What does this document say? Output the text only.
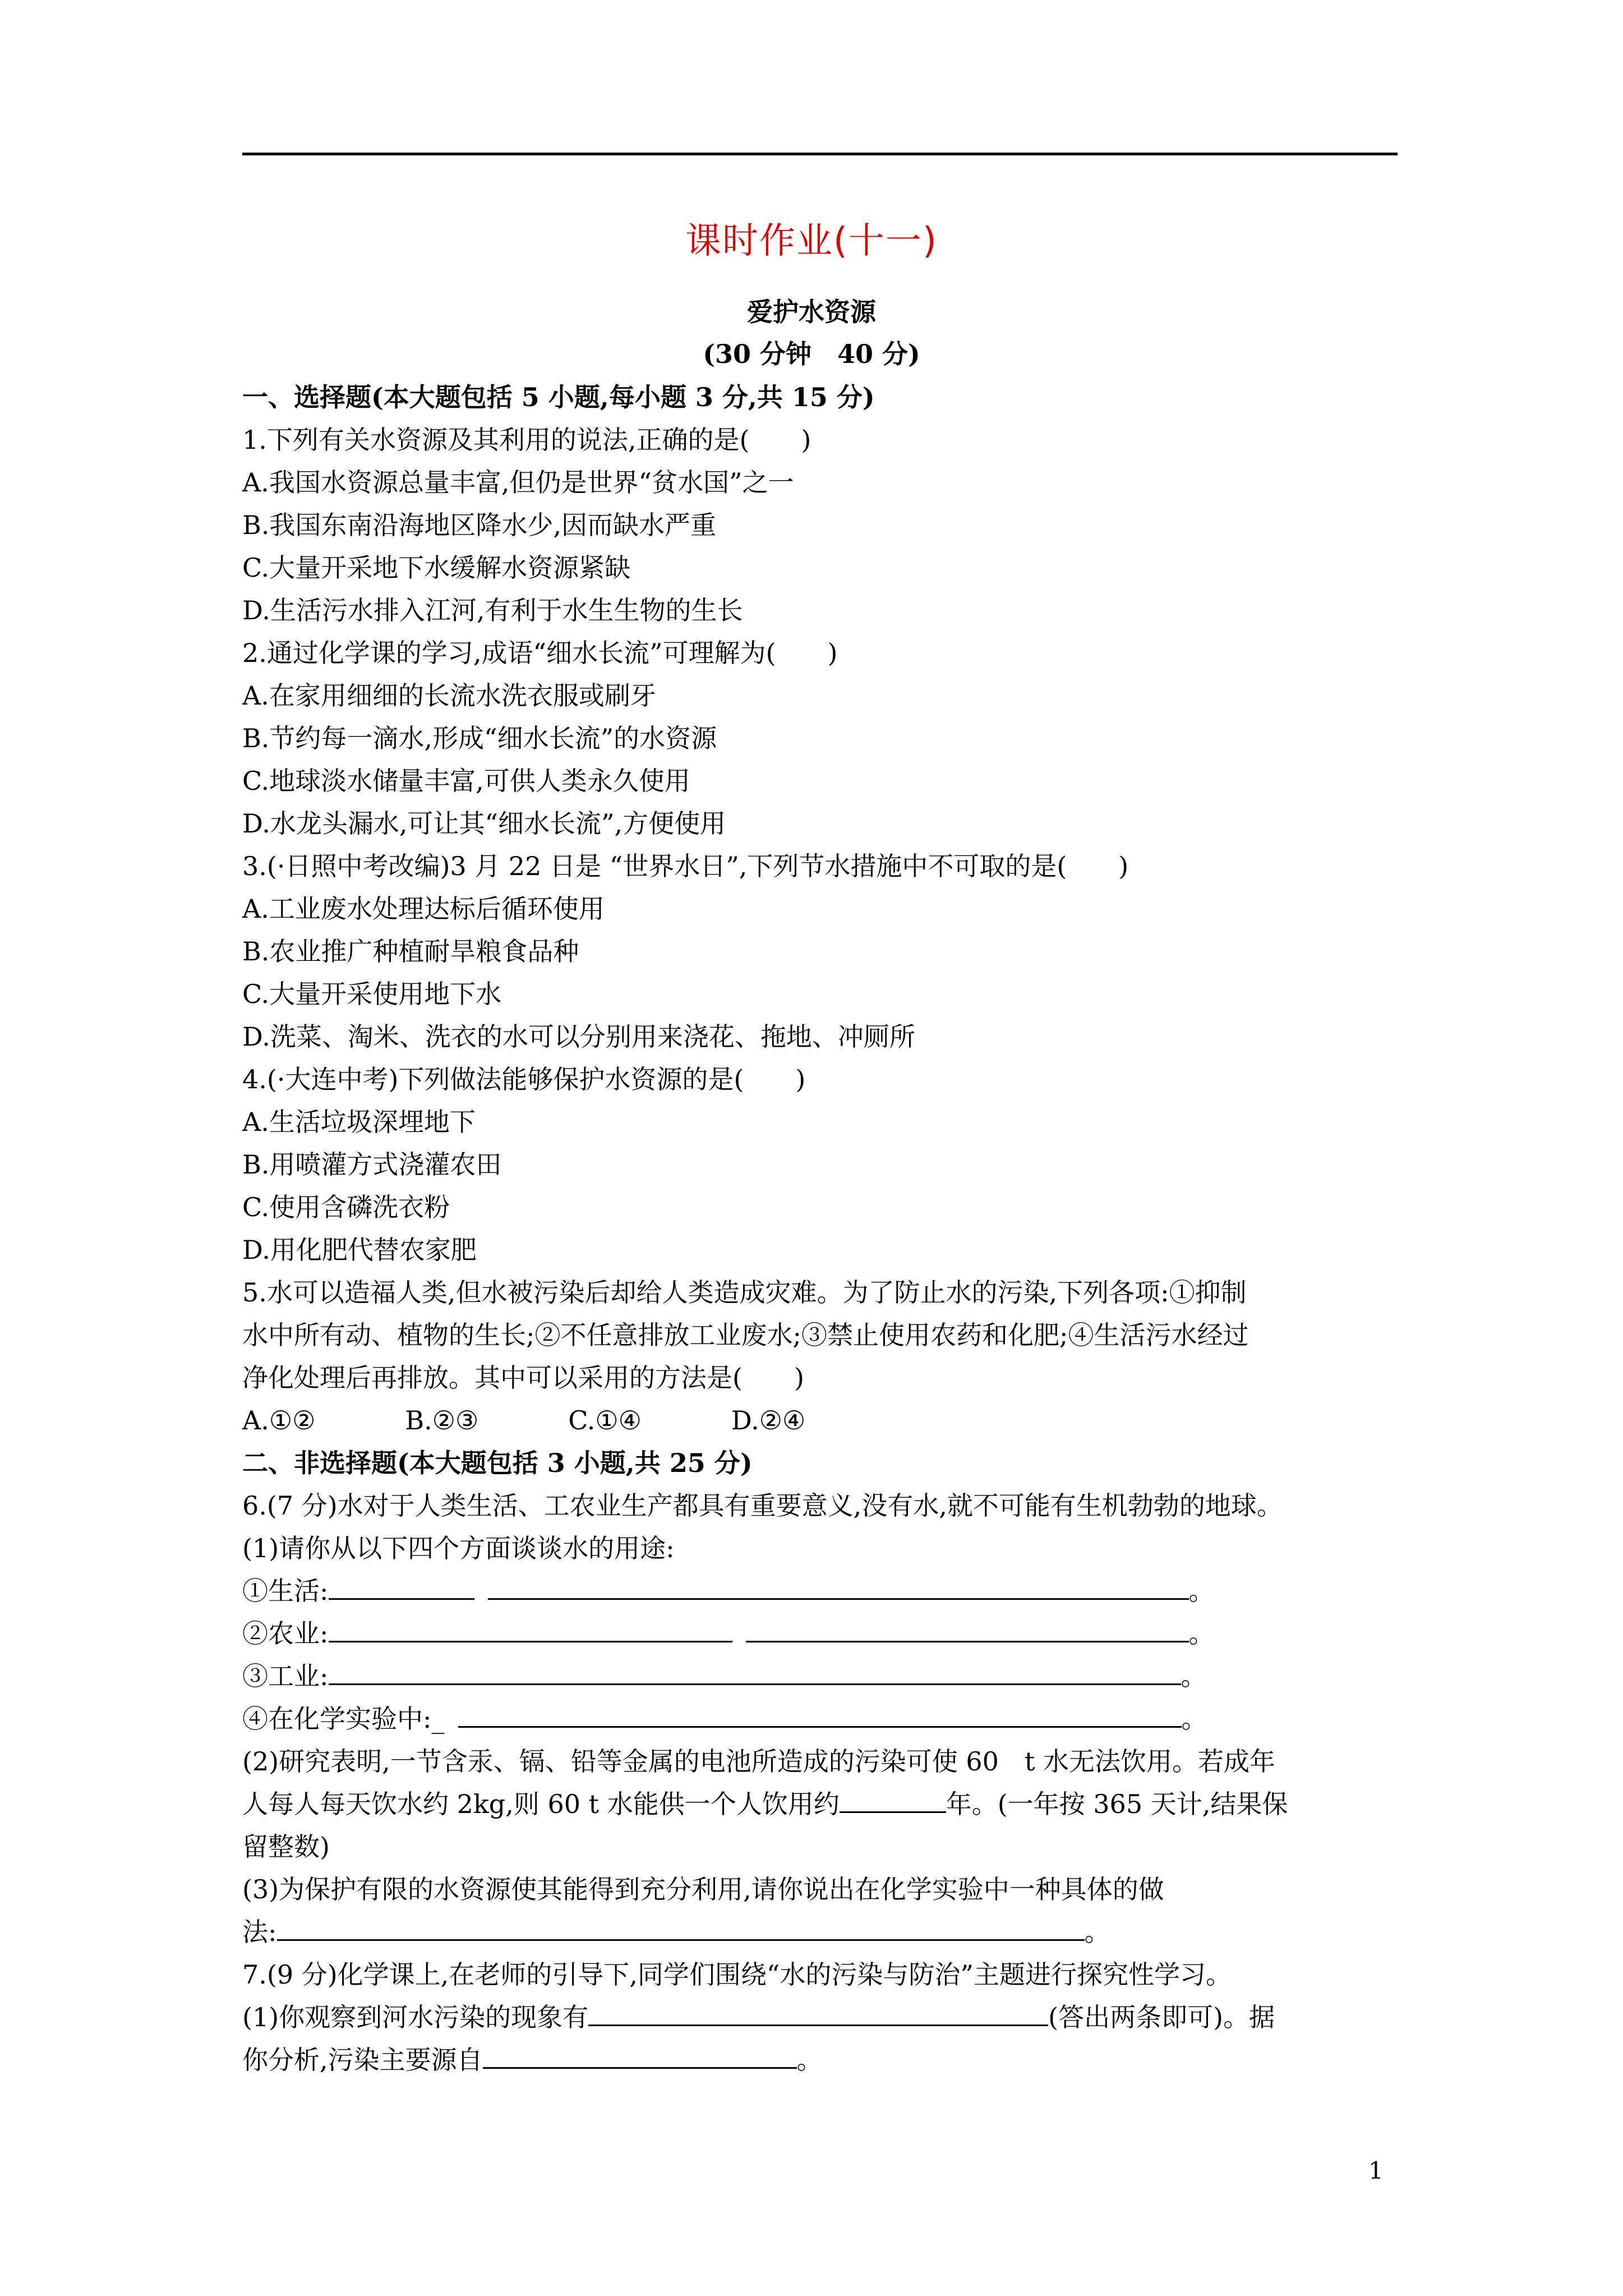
课时作业(十一)
爱护水资源
(30 分钟　40 分)
一、选择题(本大题包括 5 小题,每小题 3 分,共 15 分)
1.下列有关水资源及其利用的说法,正确的是(　　)
A.我国水资源总量丰富,但仍是世界“贫水国”之一
B.我国东南沿海地区降水少,因而缺水严重
C.大量开采地下水缓解水资源紧缺
D.生活污水排入江河,有利于水生生物的生长
2.通过化学课的学习,成语“细水长流”可理解为(　　)
A.在家用细细的长流水洗衣服或刷牙
B.节约每一滴水,形成“细水长流”的水资源
C.地球淡水储量丰富,可供人类永久使用
D.水龙头漏水,可让其“细水长流”,方便使用
3.(·日照中考改编)3 月 22 日是 “世界水日”,下列节水措施中不可取的是(　　)
A.工业废水处理达标后循环使用
B.农业推广种植耐旱粮食品种
C.大量开采使用地下水
D.洗菜、淘米、洗衣的水可以分别用来浇花、拖地、冲厕所
4.(·大连中考)下列做法能够保护水资源的是(　　)
A.生活垃圾深埋地下
B.用喷灌方式浇灌农田
C.使用含磷洗衣粉
D.用化肥代替农家肥
5.水可以造福人类,但水被污染后却给人类造成灾难。为了防止水的污染,下列各项:①抑制
水中所有动、植物的生长;②不任意排放工业废水;③禁止使用农药和化肥;④生活污水经过
净化处理后再排放。其中可以采用的方法是(　　)
A.①②	B.②③	C.①④	D.②④
二、非选择题(本大题包括 3 小题,共 25 分)
6.(7 分)水对于人类生活、工农业生产都具有重要意义,没有水,就不可能有生机勃勃的地球。
(1)请你从以下四个方面谈谈水的用途:
①生活:	。
②农业:	。
③工业:	。
④在化学实验中:_	。
(2)研究表明,一节含汞、镉、铅等金属的电池所造成的污染可使 60　t 水无法饮用。若成年
人每人每天饮水约 2kg,则 60 t 水能供一个人饮用约	年。(一年按 365 天计,结果保
留整数)
(3)为保护有限的水资源使其能得到充分利用,请你说出在化学实验中一种具体的做
法:	。
7.(9 分)化学课上,在老师的引导下,同学们围绕“水的污染与防治”主题进行探究性学习。
(1)你观察到河水污染的现象有	(答出两条即可)。据
你分析,污染主要源自	。
1
